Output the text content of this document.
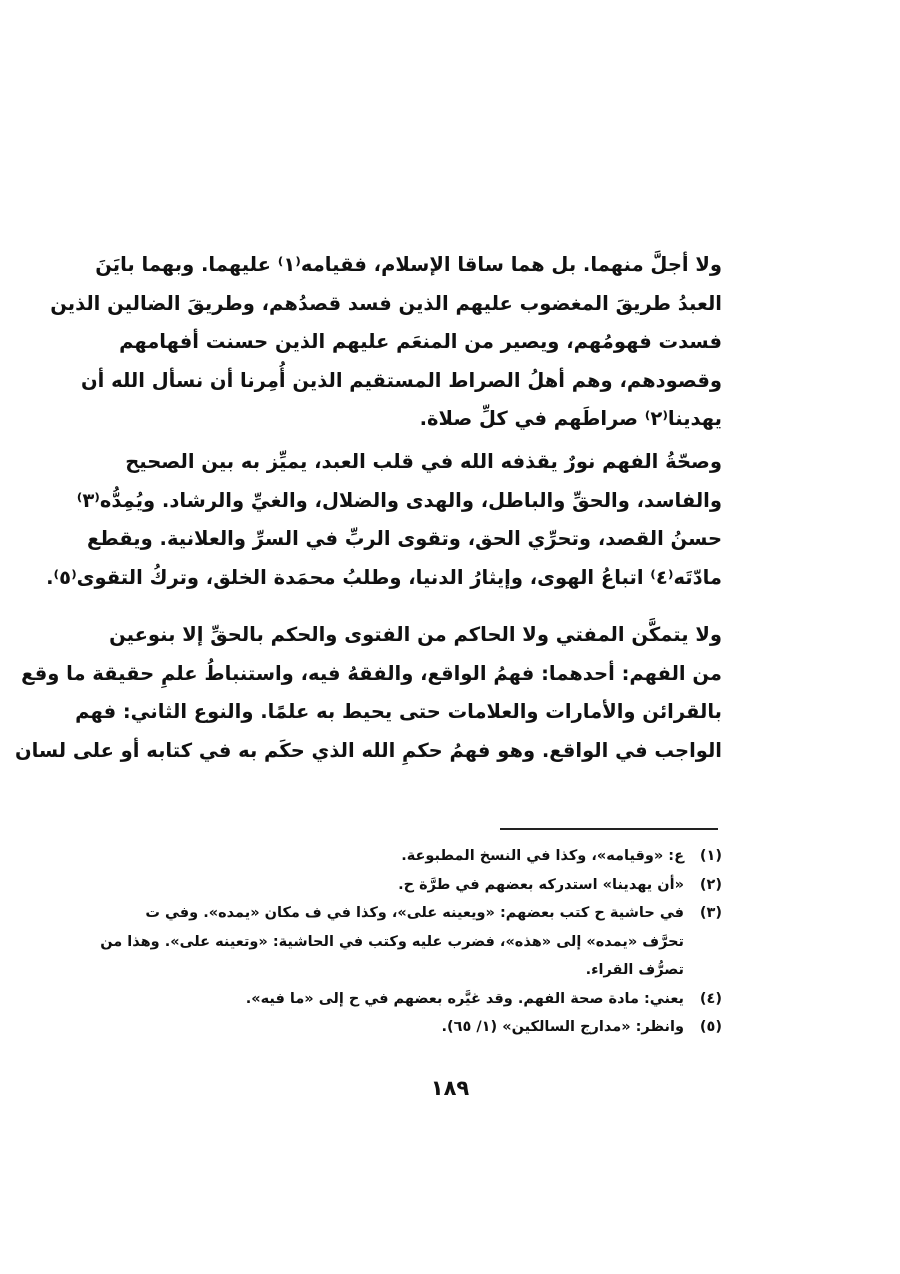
ولا أجلَّ منهما. بل هما ساقا الإسلام، فقيامه⁽١⁾ عليهما. وبهما بايَنَ
العبدُ طريقَ المغضوب عليهم الذين فسد قصدُهم، وطريقَ الضالين الذين
فسدت فهومُهم، ويصير من المنعَم عليهم الذين حسنت أفهامهم
وقصودهم، وهم أهلُ الصراط المستقيم الذين أُمِرنا أن نسأل الله أن
يهدينا⁽٢⁾ صراطَهم في كلِّ صلاة.

وصحّةُ الفهم نورٌ يقذفه الله في قلب العبد، يميِّز به بين الصحيح
والفاسد، والحقِّ والباطل، والهدى والضلال، والغيِّ والرشاد. ويُمِدُّه⁽٣⁾
حسنُ القصد، وتحرِّي الحق، وتقوى الربِّ في السرِّ والعلانية. ويقطع
مادّتَه⁽٤⁾ اتباعُ الهوى، وإيثارُ الدنيا، وطلبُ محمَدة الخلق، وتركُ التقوى⁽٥⁾.

ولا يتمكَّن المفتي ولا الحاكم من الفتوى والحكم بالحقِّ إلا بنوعين
من الفهم: أحدهما: فهمُ الواقع، والفقهُ فيه، واستنباطُ علمِ حقيقة ما وقع
بالقرائن والأمارات والعلامات حتى يحيط به علمًا. والنوع الثاني: فهم
الواجب في الواقع. وهو فهمُ حكمِ الله الذي حكَم به في كتابه أو على لسان

(١)
ع: «وقيامه»، وكذا في النسخ المطبوعة.
(٢)
«أن يهدينا» استدركه بعضهم في طرَّة ح.
(٣)
في حاشية ح كتب بعضهم: «ويعينه على»، وكذا في ف مكان «يمده». وفي ت
تحرَّف «يمده» إلى «هذه»، فضرب عليه وكتب في الحاشية: «وتعينه على». وهذا من
تصرُّف القراء.
(٤)
يعني: مادة صحة الفهم. وقد غيَّره بعضهم في ح إلى «ما فيه».
(٥)
وانظر: «مدارج السالكين» (١/ ٦٥).
١٨٩
